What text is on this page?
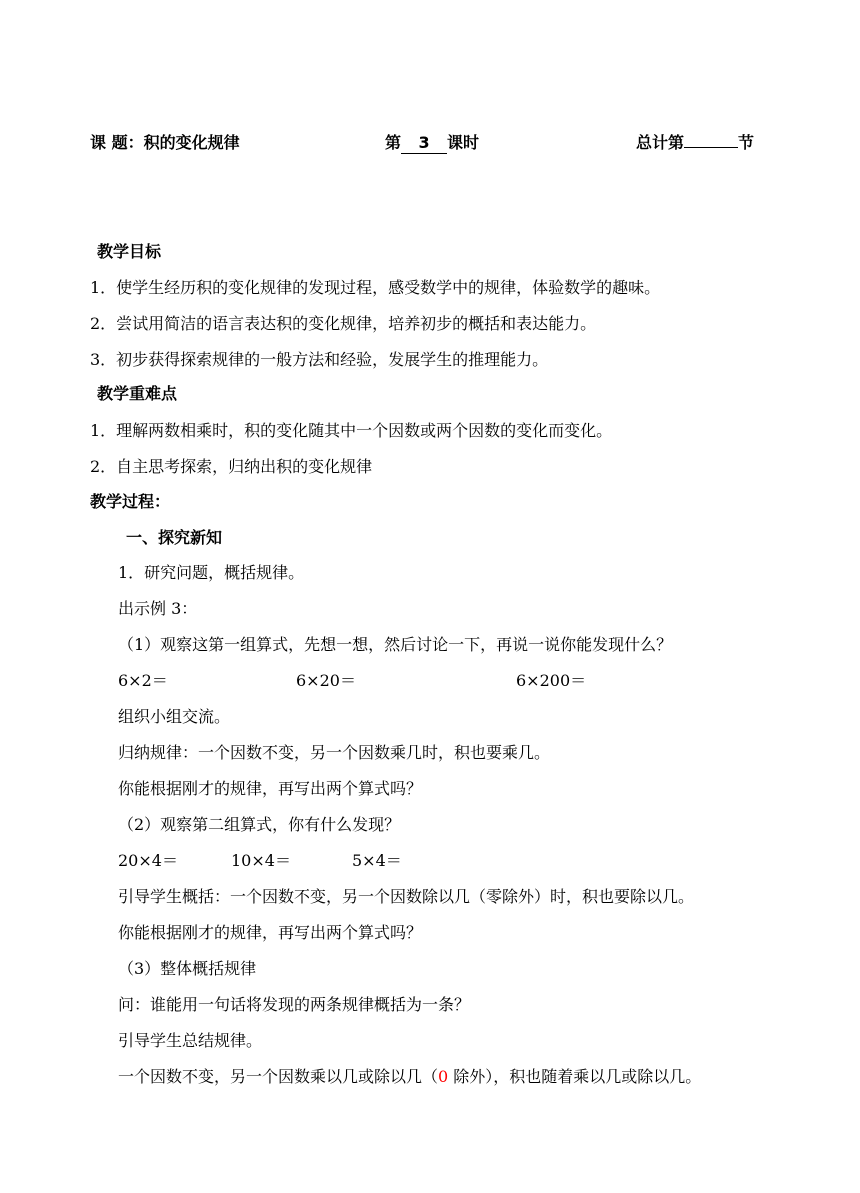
课 题：积的变化规律	第 3 课时	总计第	节
教学目标
1．使学生经历积的变化规律的发现过程，感受数学中的规律，体验数学的趣味。
2．尝试用简洁的语言表达积的变化规律，培养初步的概括和表达能力。
3．初步获得探索规律的一般方法和经验，发展学生的推理能力。
教学重难点
1．理解两数相乘时，积的变化随其中一个因数或两个因数的变化而变化。
2．自主思考探索，归纳出积的变化规律
教学过程：
一、探究新知
1．研究问题，概括规律。
出示例 3：
（1）观察这第一组算式，先想一想，然后讨论一下，再说一说你能发现什么？
6×2＝	6×20＝	6×200＝
组织小组交流。
归纳规律：一个因数不变，另一个因数乘几时，积也要乘几。
你能根据刚才的规律，再写出两个算式吗？
（2）观察第二组算式，你有什么发现？
20×4＝	10×4＝	5×4＝
引导学生概括：一个因数不变，另一个因数除以几（零除外）时，积也要除以几。
你能根据刚才的规律，再写出两个算式吗？
（3）整体概括规律
问：谁能用一句话将发现的两条规律概括为一条？
引导学生总结规律。
一个因数不变，另一个因数乘以几或除以几（0 除外），积也随着乘以几或除以几。
